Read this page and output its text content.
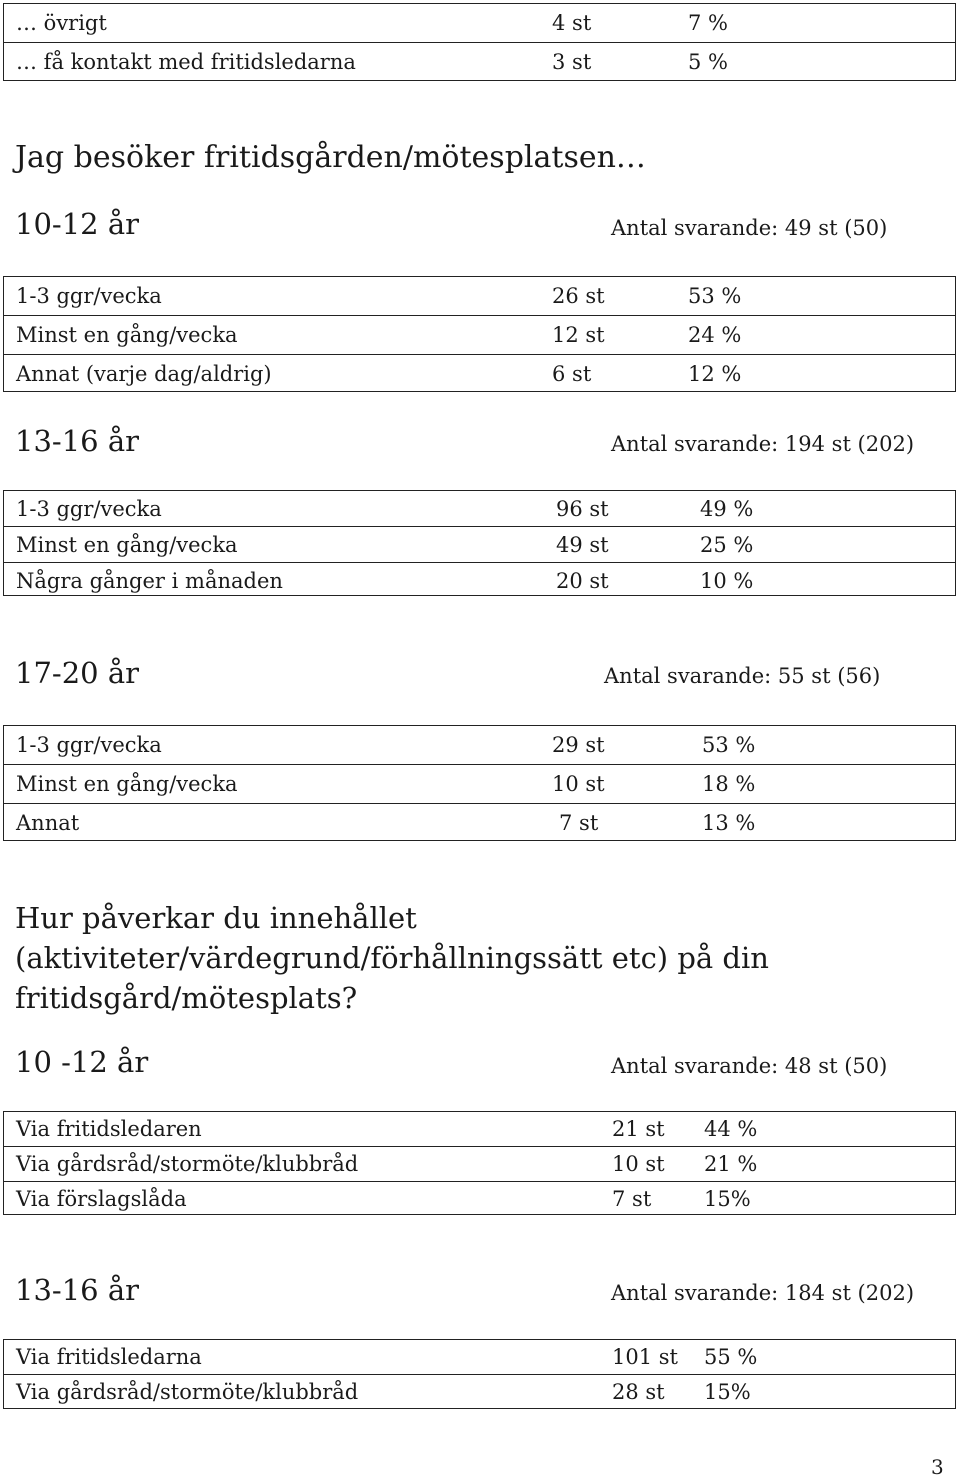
… övrigt	4 st	7 %
… få kontakt med fritidsledarna	3 st	5 %
Jag besöker fritidsgården/mötesplatsen…
10-12 år	Antal svarande: 49 st (50)
1-3 ggr/vecka	26 st	53 %
Minst en gång/vecka	12 st	24 %
Annat (varje dag/aldrig)	6 st	12 %
13-16 år	Antal svarande: 194 st (202)
1-3 ggr/vecka	96 st	49 %
Minst en gång/vecka	49 st	25 %
Några gånger i månaden	20 st	10 %
17-20 år	Antal svarande: 55 st (56)
1-3 ggr/vecka	29 st	53 %
Minst en gång/vecka	10 st	18 %
Annat	7 st	13 %
Hur påverkar du innehållet
(aktiviteter/värdegrund/förhållningssätt etc) på din
fritidsgård/mötesplats?
10 -12 år	Antal svarande: 48 st (50)
Via fritidsledaren	21 st 44 %
Via gårdsråd/stormöte/klubbråd	10 st 21 %
Via förslagslåda	7 st	15%
13-16 år	Antal svarande: 184 st (202)
Via fritidsledarna	101 st 55 %
Via gårdsråd/stormöte/klubbråd	28 st 15%
3
